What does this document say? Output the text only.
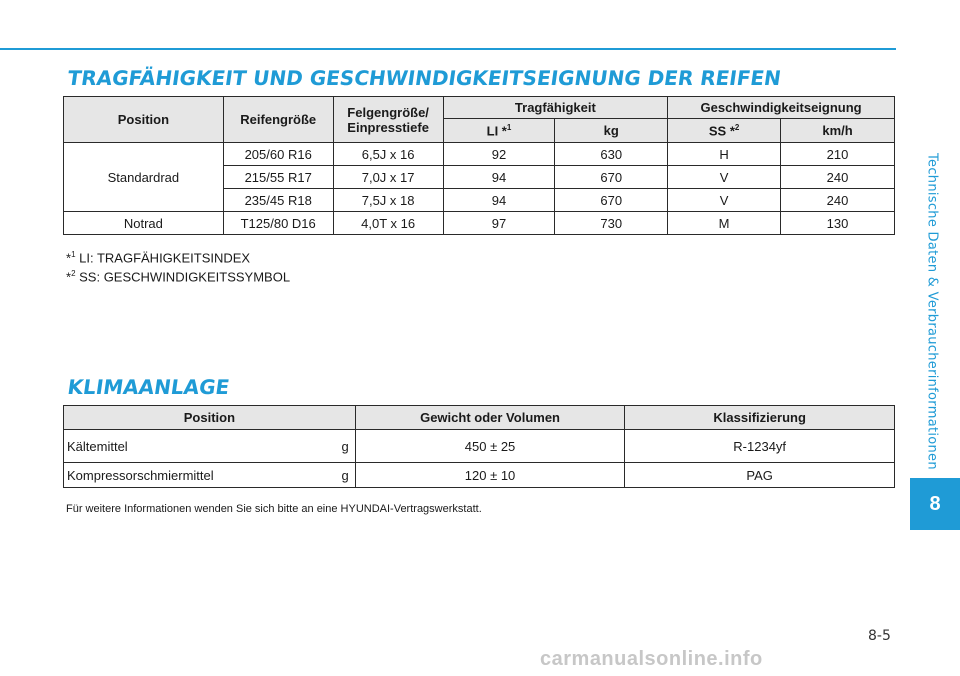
TRAGFÄHIGKEIT UND GESCHWINDIGKEITSEIGNUNG DER REIFEN
Position	Reifengröße	Felgengröße/
Einpresstiefe	Tragfähigkeit		Geschwindigkeitseignung	
			LI *$^1$	kg	SS *$^2$	km/h
Standardrad	205/60 R16	6,5J x 16	92	630	H	210
	215/55 R17	7,0J x 17	94	670	V	240
	235/45 R18	7,5J x 18	94	670	V	240
Notrad	T125/80 D16	4,0T x 16	97	730	M	130
*$^1$ LI: TRAGFÄHIGKEITSINDEX
*$^2$ SS: GESCHWINDIGKEITSSYMBOL
KLIMAANLAGE
Position	Gewicht oder Volumen	Klassifizierung

Kältemittel g	450 ± 25	R-1234yf

Kompressorschmiermittel g	120 ± 10	PAG
Für weitere Informationen wenden Sie sich bitte an eine HYUNDAI-Vertragswerkstatt.
Technische Daten & Verbraucherinformationen
8
8-5
carmanualsonline.info
